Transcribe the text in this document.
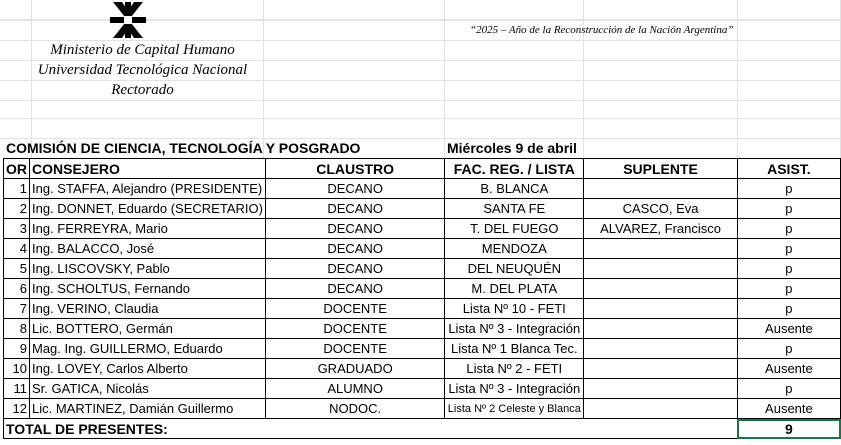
Ministerio de Capital Humano
Universidad Tecnológica Nacional
Rectorado
“2025 – Año de la Reconstrucción de la Nación Argentina”
COMISIÓN DE CIENCIA, TECNOLOGÍA Y POSGRADO	Miércoles 9 de abril
OR	CONSEJERO	CLAUSTRO	FAC. REG. / LISTA	SUPLENTE	ASIST.
1	Ing. STAFFA, Alejandro (PRESIDENTE)	DECANO	B. BLANCA		p
2	Ing. DONNET, Eduardo (SECRETARIO)	DECANO	SANTA FE	CASCO, Eva	p
3	Ing. FERREYRA, Mario	DECANO	T. DEL FUEGO	ALVAREZ, Francisco	p
4	Ing. BALACCO, José	DECANO	MENDOZA		p
5	Ing. LISCOVSKY, Pablo	DECANO	DEL NEUQUÉN		p
6	Ing. SCHOLTUS, Fernando	DECANO	M. DEL PLATA		p
7	Ing. VERINO, Claudia	DOCENTE	Lista Nº 10 - FETI		p
8	Lic. BOTTERO, Germán	DOCENTE	Lista Nº 3 - Integración		Ausente
9	Mag. Ing. GUILLERMO, Eduardo	DOCENTE	Lista Nº 1 Blanca Tec.		p
10	Ing. LOVEY, Carlos Alberto	GRADUADO	Lista Nº 2 - FETI		Ausente
11	Sr. GATICA, Nicolás	ALUMNO	Lista Nº 3 - Integración		p
12	Lic. MARTINEZ, Damián Guillermo	NODOC.	Lista Nº 2 Celeste y Blanca		Ausente
TOTAL DE PRESENTES:					9
